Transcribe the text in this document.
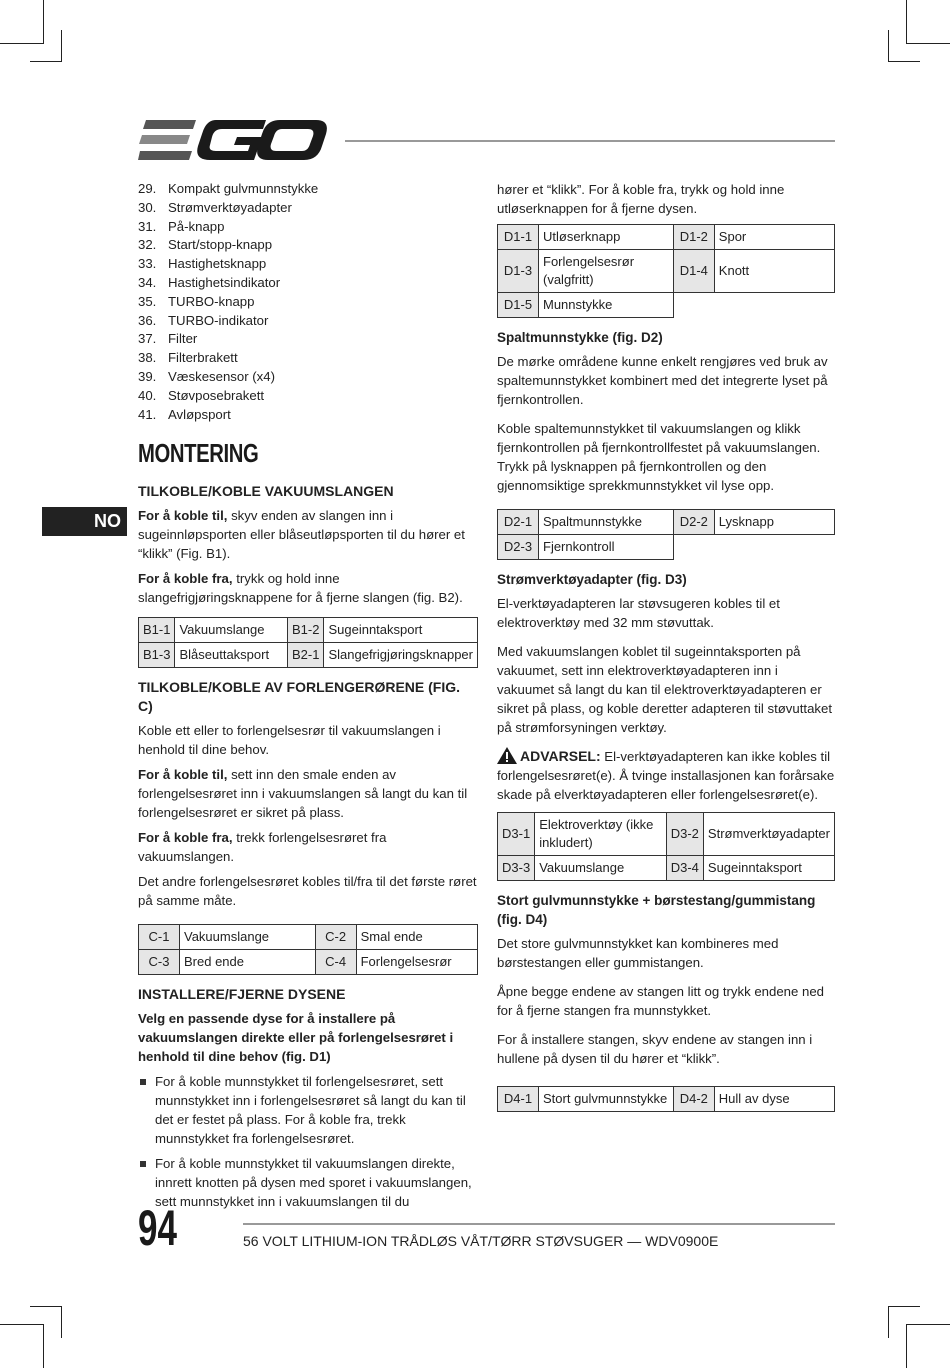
NO
29. Kompakt gulvmunnstykke
30. Strømverktøyadapter
31. På-knapp
32. Start/stopp-knapp
33. Hastighetsknapp
34. Hastighetsindikator
35. TURBO-knapp
36. TURBO-indikator
37. Filter
38. Filterbrakett
39. Væskesensor (x4)
40. Støvposebrakett
41. Avløpsport
MONTERING
TILKOBLE/KOBLE VAKUUMSLANGEN

For å koble til, skyv enden av slangen inn i sugeinnløpsporten eller blåseutløpsporten til du hører et “klikk” (Fig. B1).

For å koble fra, trykk og hold inne slangefrigjøringsknappene for å fjerne slangen (fig. B2).

B1-1	Vakuumslange	B1-2	Sugeinntaksport
B1-3	Blåseuttaksport	B2-1	Slangefrigjøringsknapper
TILKOBLE/KOBLE AV FORLENGERØRENE (FIG. C)

Koble ett eller to forlengelsesrør til vakuumslangen i henhold til dine behov.

For å koble til, sett inn den smale enden av forlengelsesrøret inn i vakuumslangen så langt du kan til forlengelsesrøret er sikret på plass.

For å koble fra, trekk forlengelsesrøret fra vakuumslangen.

Det andre forlengelsesrøret kobles til/fra til det første røret på samme måte.

C-1	Vakuumslange	C-2	Smal ende
C-3	Bred ende	C-4	Forlengelsesrør
INSTALLERE/FJERNE DYSENE

Velg en passende dyse for å installere på vakuumslangen direkte eller på forlengelsesrøret i henhold til dine behov (fig. D1)

For å koble munnstykket til forlengelsesrøret, sett munnstykket inn i forlengelsesrøret så langt du kan til det er festet på plass. For å koble fra, trekk munnstykket fra forlengelsesrøret.
For å koble munnstykket til vakuumslangen direkte, innrett knotten på dysen med sporet i vakuumslangen, sett munnstykket inn i vakuumslangen til du

hører et “klikk”. For å koble fra, trykk og hold inne utløserknappen for å fjerne dysen.

D1-1	Utløserknapp	D1-2	Spor
D1-3	Forlengelsesrør (valgfritt)	D1-4	Knott
D1-5	Munnstykke		
Spaltmunnstykke (fig. D2)

De mørke områdene kunne enkelt rengjøres ved bruk av spaltemunnstykket kombinert med det integrerte lyset på fjernkontrollen.

Koble spaltemunnstykket til vakuumslangen og klikk fjernkontrollen på fjernkontrollfestet på vakuumslangen. Trykk på lysknappen på fjernkontrollen og den gjennomsiktige sprekkmunnstykket vil lyse opp.

D2-1	Spaltmunnstykke	D2-2	Lysknapp
D2-3	Fjernkontroll		
Strømverktøyadapter (fig. D3)

El-verktøyadapteren lar støvsugeren kobles til et elektroverktøy med 32 mm støvuttak.

Med vakuumslangen koblet til sugeinntaksporten på vakuumet, sett inn elektroverktøyadapteren inn i vakuumet så langt du kan til elektroverktøyadapteren er sikret på plass, og koble deretter adapteren til støvuttaket på strømforsyningen verktøy.

ADVARSEL: El-verktøyadapteren kan ikke kobles til forlengelsesrøret(e). Å tvinge installasjonen kan forårsake skade på elverktøyadapteren eller forlengelsesrøret(e).

D3-1	Elektroverktøy (ikke inkludert)	D3-2	Strømverktøyadapter
D3-3	Vakuumslange	D3-4	Sugeinntaksport
Stort gulvmunnstykke + børstestang/gummistang (fig. D4)

Det store gulvmunnstykket kan kombineres med børstestangen eller gummistangen.

Åpne begge endene av stangen litt og trykk endene ned for å fjerne stangen fra munnstykket.

For å installere stangen, skyv endene av stangen inn i hullene på dysen til du hører et “klikk”.

D4-1	Stort gulvmunnstykke	D4-2	Hull av dyse
94	56 VOLT LITHIUM-ION TRÅDLØS VÅT/TØRR STØVSUGER — WDV0900E
